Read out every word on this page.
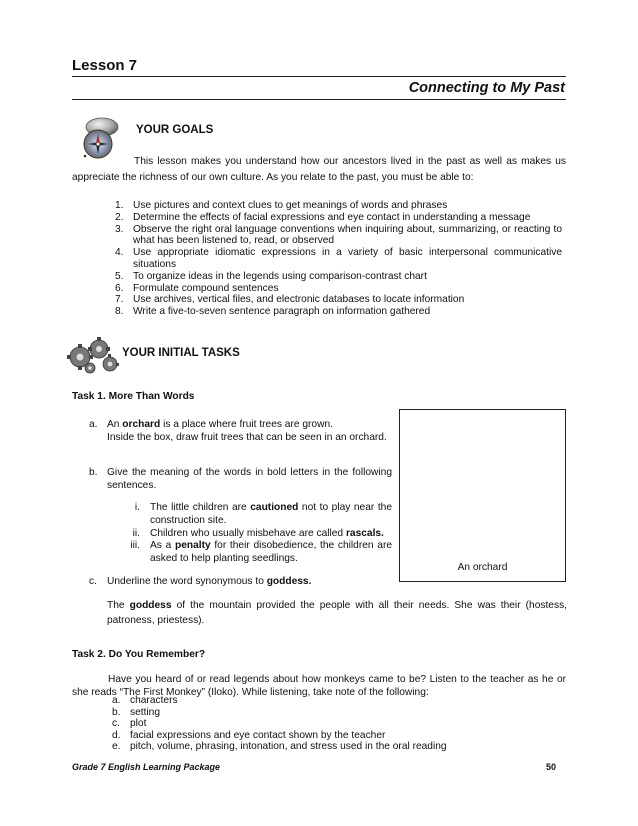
Lesson 7
Connecting to My Past
YOUR GOALS
This lesson makes you understand how our ancestors lived in the past as well as makes us appreciate the richness of our own culture. As you relate to the past, you must be able to:
1. Use pictures and context clues to get meanings of words and phrases
2. Determine the effects of facial expressions and eye contact in understanding a message
3. Observe the right oral language conventions when inquiring about, summarizing, or reacting to what has been listened to, read, or observed
4. Use appropriate idiomatic expressions in a variety of basic interpersonal communicative situations
5. To organize ideas in the legends using comparison-contrast chart
6. Formulate compound sentences
7. Use archives, vertical files, and electronic databases to locate information
8. Write a five-to-seven sentence paragraph on information gathered
YOUR INITIAL TASKS
Task 1. More Than Words
a. An orchard is a place where fruit trees are grown.
Inside the box, draw fruit trees that can be seen in an orchard.
b. Give the meaning of the words in bold letters in the following sentences.
i. The little children are cautioned not to play near the construction site.
ii. Children who usually misbehave are called rascals.
iii. As a penalty for their disobedience, the children are asked to help planting seedlings.
An orchard
c. Underline the word synonymous to goddess.
The goddess of the mountain provided the people with all their needs. She was their (hostess, patroness, priestess).
Task 2. Do You Remember?
Have you heard of or read legends about how monkeys came to be? Listen to the teacher as he or she reads “The First Monkey” (Iloko). While listening, take note of the following:
a. characters
b. setting
c. plot
d. facial expressions and eye contact shown by the teacher
e. pitch, volume, phrasing, intonation, and stress used in the oral reading
Grade 7 English Learning Package	50
